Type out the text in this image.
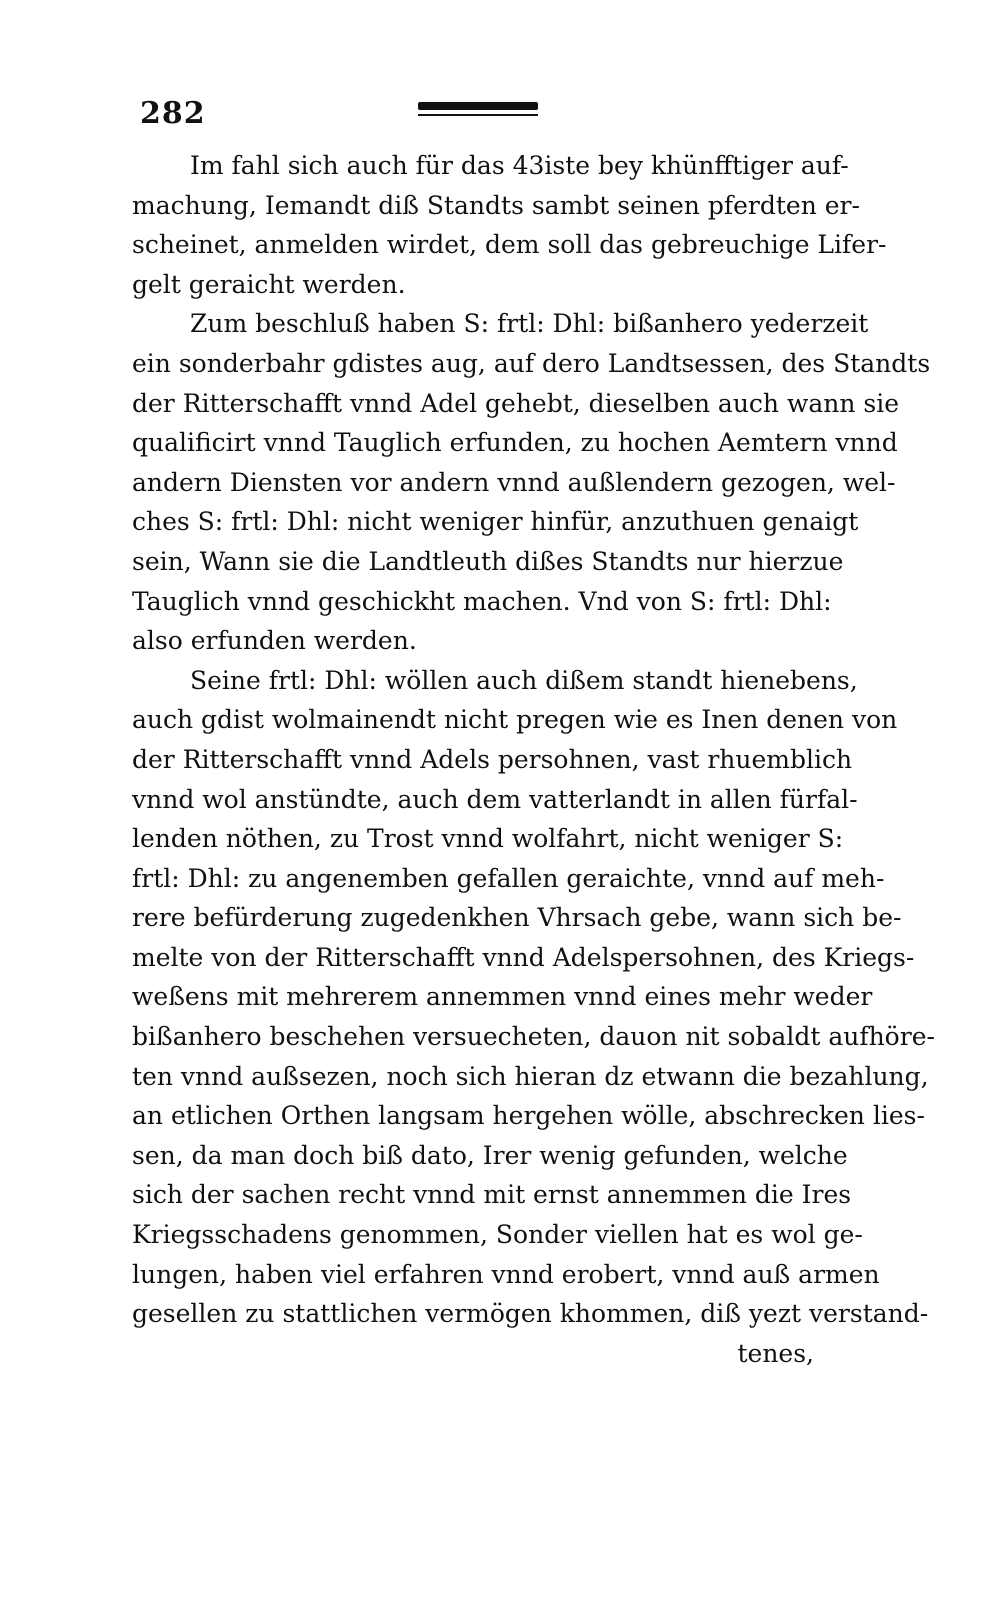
282
Im fahl sich auch für das 43iste bey khünfftiger auf-
machung, Iemandt diß Standts sambt seinen pferdten er-
scheinet, anmelden wirdet, dem soll das gebreuchige Lifer-
gelt geraicht werden.
Zum beschluß haben S: frtl: Dhl: bißanhero yederzeit
ein sonderbahr gdistes aug, auf dero Landtsessen, des Standts
der Ritterschafft vnnd Adel gehebt, dieselben auch wann sie
qualificirt vnnd Tauglich erfunden, zu hochen Aemtern vnnd
andern Diensten vor andern vnnd außlendern gezogen, wel-
ches S: frtl: Dhl: nicht weniger hinfür, anzuthuen genaigt
sein, Wann sie die Landtleuth dißes Standts nur hierzue
Tauglich vnnd geschickht machen. Vnd von S: frtl: Dhl:
also erfunden werden.
Seine frtl: Dhl: wöllen auch dißem standt hienebens,
auch gdist wolmainendt nicht pregen wie es Inen denen von
der Ritterschafft vnnd Adels persohnen, vast rhuemblich
vnnd wol anstündte, auch dem vatterlandt in allen fürfal-
lenden nöthen, zu Trost vnnd wolfahrt, nicht weniger S:
frtl: Dhl: zu angenemben gefallen geraichte, vnnd auf meh-
rere befürderung zugedenkhen Vhrsach gebe, wann sich be-
melte von der Ritterschafft vnnd Adelspersohnen, des Kriegs-
weßens mit mehrerem annemmen vnnd eines mehr weder
bißanhero beschehen versuecheten, dauon nit sobaldt aufhöre-
ten vnnd außsezen, noch sich hieran dz etwann die bezahlung,
an etlichen Orthen langsam hergehen wölle, abschrecken lies-
sen, da man doch biß dato, Irer wenig gefunden, welche
sich der sachen recht vnnd mit ernst annemmen die Ires
Kriegsschadens genommen, Sonder viellen hat es wol ge-
lungen, haben viel erfahren vnnd erobert, vnnd auß armen
gesellen zu stattlichen vermögen khommen, diß yezt verstand-
tenes,
